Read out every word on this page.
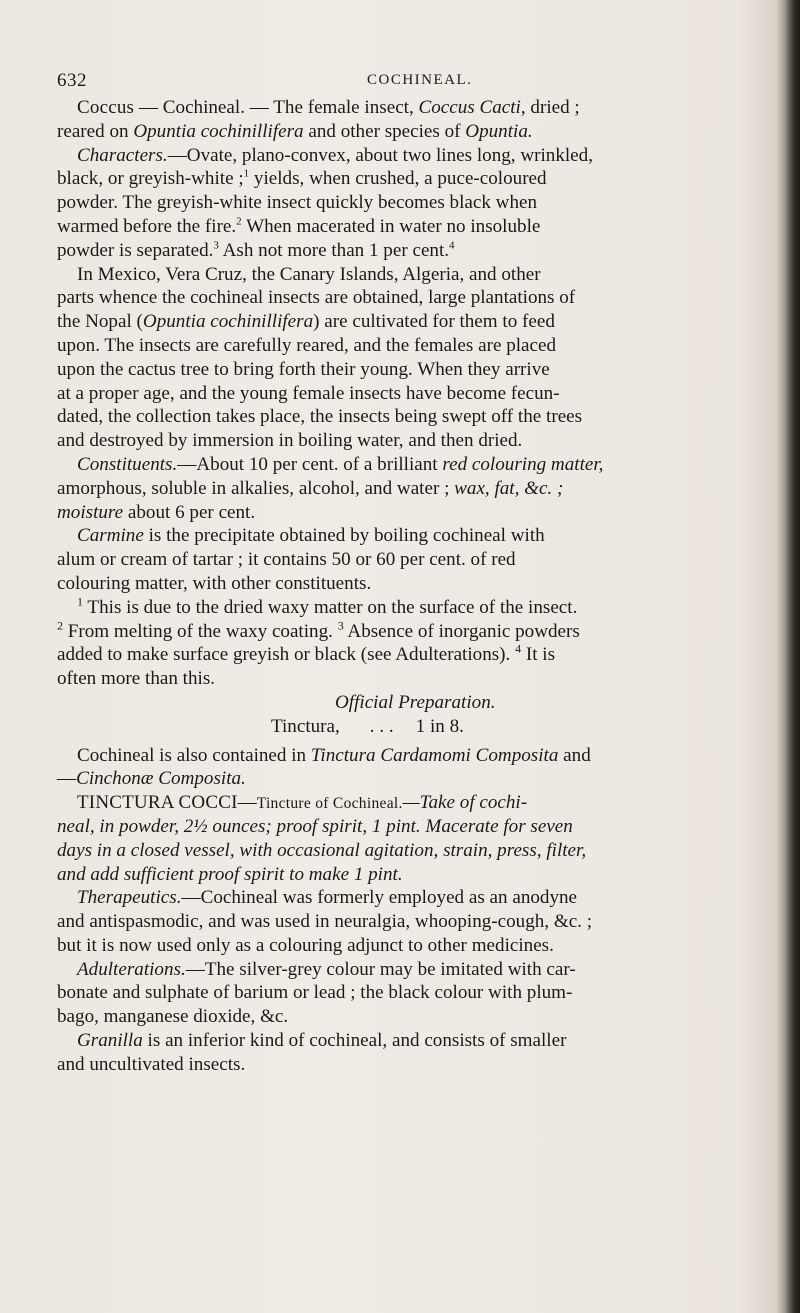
632	COCHINEAL.
Coccus — Cochineal. — The female insect, Coccus Cacti, dried ;
reared on Opuntia cochinillifera and other species of Opuntia.
Characters.—Ovate, plano-convex, about two lines long, wrinkled,
black, or greyish-white ;$^1$ yields, when crushed, a puce-coloured
powder. The greyish-white insect quickly becomes black when
warmed before the fire.$^2$ When macerated in water no insoluble
powder is separated.$^3$ Ash not more than 1 per cent.$^4$
In Mexico, Vera Cruz, the Canary Islands, Algeria, and other
parts whence the cochineal insects are obtained, large plantations of
the Nopal (Opuntia cochinillifera) are cultivated for them to feed
upon. The insects are carefully reared, and the females are placed
upon the cactus tree to bring forth their young. When they arrive
at a proper age, and the young female insects have become fecun-
dated, the collection takes place, the insects being swept off the trees
and destroyed by immersion in boiling water, and then dried.
Constituents.—About 10 per cent. of a brilliant red colouring matter,
amorphous, soluble in alkalies, alcohol, and water ; wax, fat, &c. ;
moisture about 6 per cent.
Carmine is the precipitate obtained by boiling cochineal with
alum or cream of tartar ; it contains 50 or 60 per cent. of red
colouring matter, with other constituents.
$^1$ This is due to the dried waxy matter on the surface of the insect.
$^2$ From melting of the waxy coating. $^3$ Absence of inorganic powders
added to make surface greyish or black (see Adulterations). $^4$ It is
often more than this.
Official Preparation.
Tinctura, . . . 1 in 8.
Cochineal is also contained in Tinctura Cardamomi Composita and
—Cinchonæ Composita.
TINCTURA COCCI—Tincture of Cochineal.—Take of cochi-
neal, in powder, 2½ ounces; proof spirit, 1 pint. Macerate for seven
days in a closed vessel, with occasional agitation, strain, press, filter,
and add sufficient proof spirit to make 1 pint.
Therapeutics.—Cochineal was formerly employed as an anodyne
and antispasmodic, and was used in neuralgia, whooping-cough, &c. ;
but it is now used only as a colouring adjunct to other medicines.
Adulterations.—The silver-grey colour may be imitated with car-
bonate and sulphate of barium or lead ; the black colour with plum-
bago, manganese dioxide, &c.
Granilla is an inferior kind of cochineal, and consists of smaller
and uncultivated insects.
